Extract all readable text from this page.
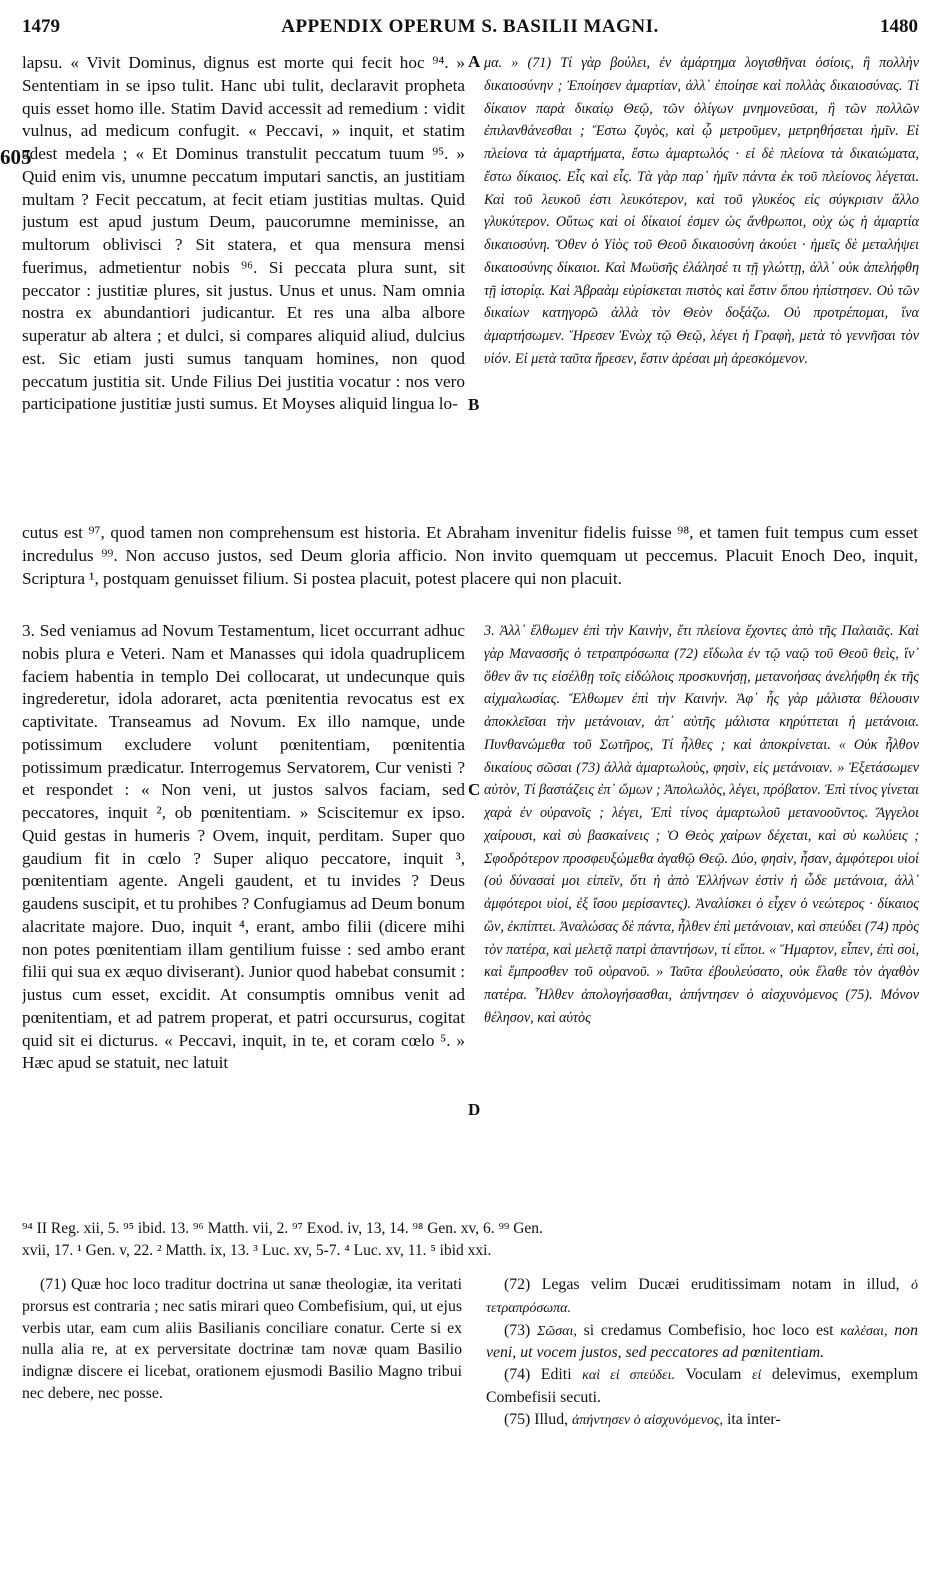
1479	APPENDIX OPERUM S. BASILII MAGNI.	1480

lapsu. « Vivit Dominus, dignus est morte qui fecit hoc ⁹⁴. » Sententiam in se ipso tulit. Hanc ubi tulit, declaravit propheta quis esset homo ille. Statim David accessit ad remedium : vidit vulnus, ad medicum confugit. « Peccavi, » inquit, et statim adest medela ; « Et Dominus transtulit peccatum tuum ⁹⁵. » Quid enim vis, unumne peccatum imputari sanctis, an justitiam multam ? Fecit peccatum, at fecit etiam justitias multas. Quid justum est apud justum Deum, paucorumne meminisse, an multorum oblivisci ? Sit statera, et qua mensura mensi fuerimus, admetientur nobis ⁹⁶. Si peccata plura sunt, sit peccator : justitiæ plures, sit justus. Unus et unus. Nam omnia nostra ex abundantiori judicantur. Et res una alba albore superatur ab altera ; et dulci, si compares aliquid aliud, dulcius est. Sic etiam justi sumus tanquam homines, non quod peccatum justitia sit. Unde Filius Dei justitia vocatur : nos vero participatione justitiæ justi sumus. Et Moyses aliquid lingua lo-

605
A
B

μα. » (71) Τί γὰρ βούλει, ἐν ἁμάρτημα λογισθῆναι ὁσίοις, ἢ πολλὴν δικαιοσύνην ; Ἐποίησεν ἁμαρτίαν, ἀλλ᾽ ἐποίησε καὶ πολλὰς δικαιοσύνας. Τί δίκαιον παρὰ δικαίῳ Θεῷ, τῶν ὀλίγων μνημονεῦσαι, ἢ τῶν πολλῶν ἐπιλανθάνεσθαι ; Ἔστω ζυγὸς, καὶ ᾧ μετροῦμεν, μετρηθήσεται ἡμῖν. Εἰ πλείονα τὰ ἁμαρτήματα, ἔστω ἁμαρτωλός · εἰ δὲ πλείονα τὰ δικαιώματα, ἔστω δίκαιος. Εἷς καὶ εἷς. Τὰ γὰρ παρ᾽ ἡμῖν πάντα ἐκ τοῦ πλείονος λέγεται. Καὶ τοῦ λευκοῦ ἐστι λευκότερον, καὶ τοῦ γλυκέος εἰς σύγκρισιν ἄλλο γλυκύτερον. Οὕτως καὶ οἱ δίκαιοί ἐσμεν ὡς ἄνθρωποι, οὐχ ὡς ἡ ἁμαρτία δικαιοσύνη. Ὅθεν ὁ Υἱὸς τοῦ Θεοῦ δικαιοσύνη ἀκούει · ἡμεῖς δὲ μεταλήψει δικαιοσύνης δίκαιοι. Καὶ Μωϋσῆς ἐλάλησέ τι τῇ γλώττῃ, ἀλλ᾽ οὐκ ἀπελήφθη τῇ ἱστορίᾳ. Καὶ Ἀβραὰμ εὑρίσκεται πιστὸς καὶ ἔστιν ὅπου ἠπίστησεν. Οὐ τῶν δικαίων κατηγορῶ ἀλλὰ τὸν Θεὸν δοξάζω. Οὐ προτρέπομαι, ἵνα ἁμαρτήσωμεν. Ἤρεσεν Ἐνὼχ τῷ Θεῷ, λέγει ἡ Γραφὴ, μετὰ τὸ γεννῆσαι τὸν υἱόν. Εἰ μετὰ ταῦτα ἤρεσεν, ἔστιν ἀρέσαι μὴ ἀρεσκόμενον.

cutus est ⁹⁷, quod tamen non comprehensum est historia. Et Abraham invenitur fidelis fuisse ⁹⁸, et tamen fuit tempus cum esset incredulus ⁹⁹. Non accuso justos, sed Deum gloria afficio. Non invito quemquam ut peccemus. Placuit Enoch Deo, inquit, Scriptura ¹, postquam genuisset filium. Si postea placuit, potest placere qui non placuit.

3. Sed veniamus ad Novum Testamentum, licet occurrant adhuc nobis plura e Veteri. Nam et Manasses qui idola quadruplicem faciem habentia in templo Dei collocarat, ut undecunque quis ingrederetur, idola adoraret, acta pœnitentia revocatus est ex captivitate. Transeamus ad Novum. Ex illo namque, unde potissimum excludere volunt pœnitentiam, pœnitentia potissimum prædicatur. Interrogemus Servatorem, Cur venisti ? et respondet : « Non veni, ut justos salvos faciam, sed peccatores, inquit ², ob pœnitentiam. » Sciscitemur ex ipso. Quid gestas in humeris ? Ovem, inquit, perditam. Super quo gaudium fit in cœlo ? Super aliquo peccatore, inquit ³, pœnitentiam agente. Angeli gaudent, et tu invides ? Deus gaudens suscipit, et tu prohibes ? Confugiamus ad Deum bonum alacritate majore. Duo, inquit ⁴, erant, ambo filii (dicere mihi non potes pœnitentiam illam gentilium fuisse : sed ambo erant filii qui sua ex æquo diviserant). Junior quod habebat consumit : justus cum esset, excidit. At consumptis omnibus venit ad pœnitentiam, et ad patrem properat, et patri occursurus, cogitat quid sit ei dicturus. « Peccavi, inquit, in te, et coram cœlo ⁵. » Hæc apud se statuit, nec latuit

C
D

3. Ἀλλ᾽ ἔλθωμεν ἐπὶ τὴν Καινὴν, ἔτι πλείονα ἔχοντες ἀπὸ τῆς Παλαιᾶς. Καὶ γὰρ Μανασσῆς ὁ τετραπρόσωπα (72) εἴδωλα ἐν τῷ ναῷ τοῦ Θεοῦ θεὶς, ἵν᾽ ὅθεν ἂν τις εἰσέλθῃ τοῖς εἰδώλοις προσκυνήσῃ, μετανοήσας ἀνελήφθη ἐκ τῆς αἰχμαλωσίας. Ἔλθωμεν ἐπὶ τὴν Καινήν. Ἀφ᾽ ἧς γὰρ μάλιστα θέλουσιν ἀποκλεῖσαι τὴν μετάνοιαν, ἀπ᾽ αὐτῆς μάλιστα κηρύττεται ἡ μετάνοια. Πυνθανώμεθα τοῦ Σωτῆρος, Τί ἦλθες ; καὶ ἀποκρίνεται. « Οὐκ ἦλθον δικαίους σῶσαι (73) ἀλλὰ ἁμαρτωλοὺς, φησὶν, εἰς μετάνοιαν. » Ἐξετάσωμεν αὐτὸν, Τί βαστάζεις ἐπ᾽ ὤμων ; Ἀπολωλὸς, λέγει, πρόβατον. Ἐπὶ τίνος γίνεται χαρὰ ἐν οὐρανοῖς ; λέγει, Ἐπὶ τίνος ἁμαρτωλοῦ μετανοοῦντος. Ἄγγελοι χαίρουσι, καὶ σὺ βασκαίνεις ; Ὁ Θεὸς χαίρων δέχεται, καὶ σὺ κωλύεις ; Σφοδρότερον προσφευξώμεθα ἀγαθῷ Θεῷ. Δύο, φησὶν, ἦσαν, ἀμφότεροι υἱοί (οὐ δύνασαί μοι εἰπεῖν, ὅτι ἡ ἀπὸ Ἑλλήνων ἐστὶν ἡ ὧδε μετάνοια, ἀλλ᾽ ἀμφότεροι υἱοί, ἐξ ἴσου μερίσαντες). Ἀναλίσκει ὁ εἶχεν ὁ νεώτερος · δίκαιος ὢν, ἐκπίπτει. Ἀναλώσας δὲ πάντα, ἦλθεν ἐπὶ μετάνοιαν, καὶ σπεύδει (74) πρὸς τὸν πατέρα, καὶ μελετᾷ πατρὶ ἀπαντήσων, τί εἴποι. « Ἥμαρτον, εἶπεν, ἐπὶ σοὶ, καὶ ἔμπροσθεν τοῦ οὐρανοῦ. » Ταῦτα ἐβουλεύσατο, οὐκ ἔλαθε τὸν ἀγαθὸν πατέρα. Ἦλθεν ἀπολογήσασθαι, ἀπήντησεν ὁ αἰσχυνόμενος (75). Μόνον θέλησον, καὶ αὐτὸς

⁹⁴ II Reg. xii, 5. ⁹⁵ ibid. 13. ⁹⁶ Matth. vii, 2. ⁹⁷ Exod. iv, 13, 14. ⁹⁸ Gen. xv, 6. ⁹⁹ Gen.
xvii, 17. ¹ Gen. v, 22. ² Matth. ix, 13. ³ Luc. xv, 5-7. ⁴ Luc. xv, 11. ⁵ ibid xxi.

(71) Quæ hoc loco traditur doctrina ut sanæ theologiæ, ita veritati prorsus est contraria ; nec satis mirari queo Combefisium, qui, ut ejus verbis utar, eam cum aliis Basilianis conciliare conatur. Certe si ex nulla alia re, at ex perversitate doctrinæ tam novæ quam Basilio indignæ discere ei licebat, orationem ejusmodi Basilio Magno tribui nec debere, nec posse.

(72) Legas velim Ducæi eruditissimam notam in illud, ὁ τετραπρόσωπα.

(73) Σῶσαι, si credamus Combefisio, hoc loco est καλέσαι, non veni, ut vocem justos, sed peccatores ad pœnitentiam.

(74) Editi καὶ εἰ σπεύδει. Voculam εἰ delevimus, exemplum Combefisii secuti.

(75) Illud, ἀπήντησεν ὁ αἰσχυνόμενος, ita inter-
